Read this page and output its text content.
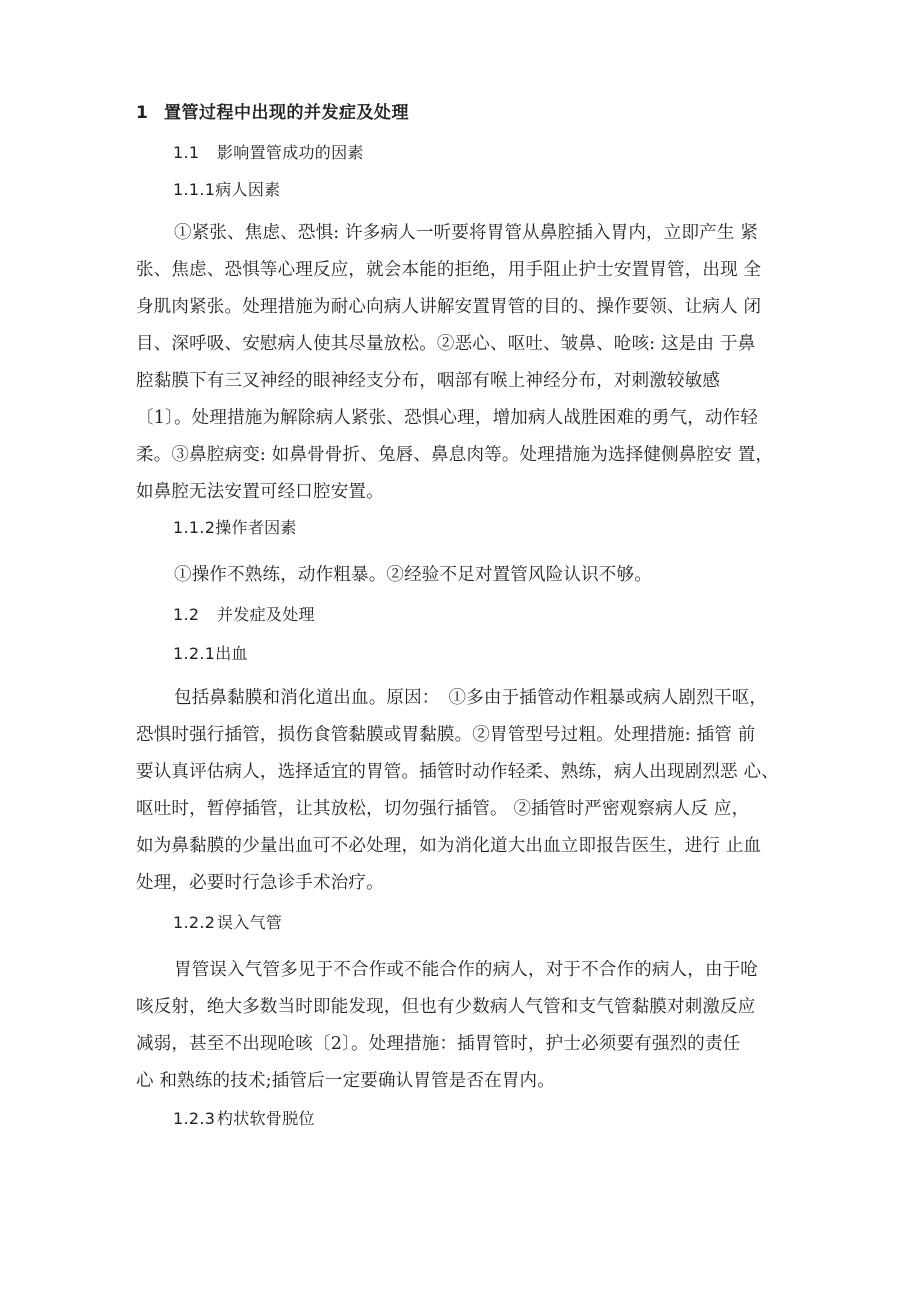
1 置管过程中出现的并发症及处理
1.1 影响置管成功的因素
1.1.1病人因素
①紧张、焦虑、恐惧: 许多病人一听要将胃管从鼻腔插入胃内，立即产生 紧
张、焦虑、恐惧等心理反应，就会本能的拒绝，用手阻止护士安置胃管，出现 全
身肌肉紧张。处理措施为耐心向病人讲解安置胃管的目的、操作要领、让病人 闭
目、深呼吸、安慰病人使其尽量放松。②恶心、呕吐、皱鼻、呛咳: 这是由 于鼻
腔黏膜下有三叉神经的眼神经支分布，咽部有喉上神经分布，对刺激较敏感
〔1〕。处理措施为解除病人紧张、恐惧心理，增加病人战胜困难的勇气，动作轻
柔。③鼻腔病变: 如鼻骨骨折、兔唇、鼻息肉等。处理措施为选择健侧鼻腔安 置，
如鼻腔无法安置可经口腔安置。
1.1.2操作者因素
①操作不熟练，动作粗暴。②经验不足对置管风险认识不够。
1.2 并发症及处理
1.2.1出血
包括鼻黏膜和消化道出血。原因：　①多由于插管动作粗暴或病人剧烈干呕，
恐惧时强行插管，损伤食管黏膜或胃黏膜。②胃管型号过粗。处理措施: 插管 前
要认真评估病人，选择适宜的胃管。插管时动作轻柔、熟练，病人出现剧烈恶 心、
呕吐时，暂停插管，让其放松，切勿强行插管。 ②插管时严密观察病人反 应，
如为鼻黏膜的少量出血可不必处理，如为消化道大出血立即报告医生，进行 止血
处理，必要时行急诊手术治疗。
1.2.2 误入气管
胃管误入气管多见于不合作或不能合作的病人，对于不合作的病人，由于呛
咳反射，绝大多数当时即能发现，但也有少数病人气管和支气管黏膜对刺激反应
减弱，甚至不出现呛咳〔2〕。处理措施：插胃管时，护士必须要有强烈的责任
心 和熟练的技术;插管后一定要确认胃管是否在胃内。
1.2.3 杓状软骨脱位
